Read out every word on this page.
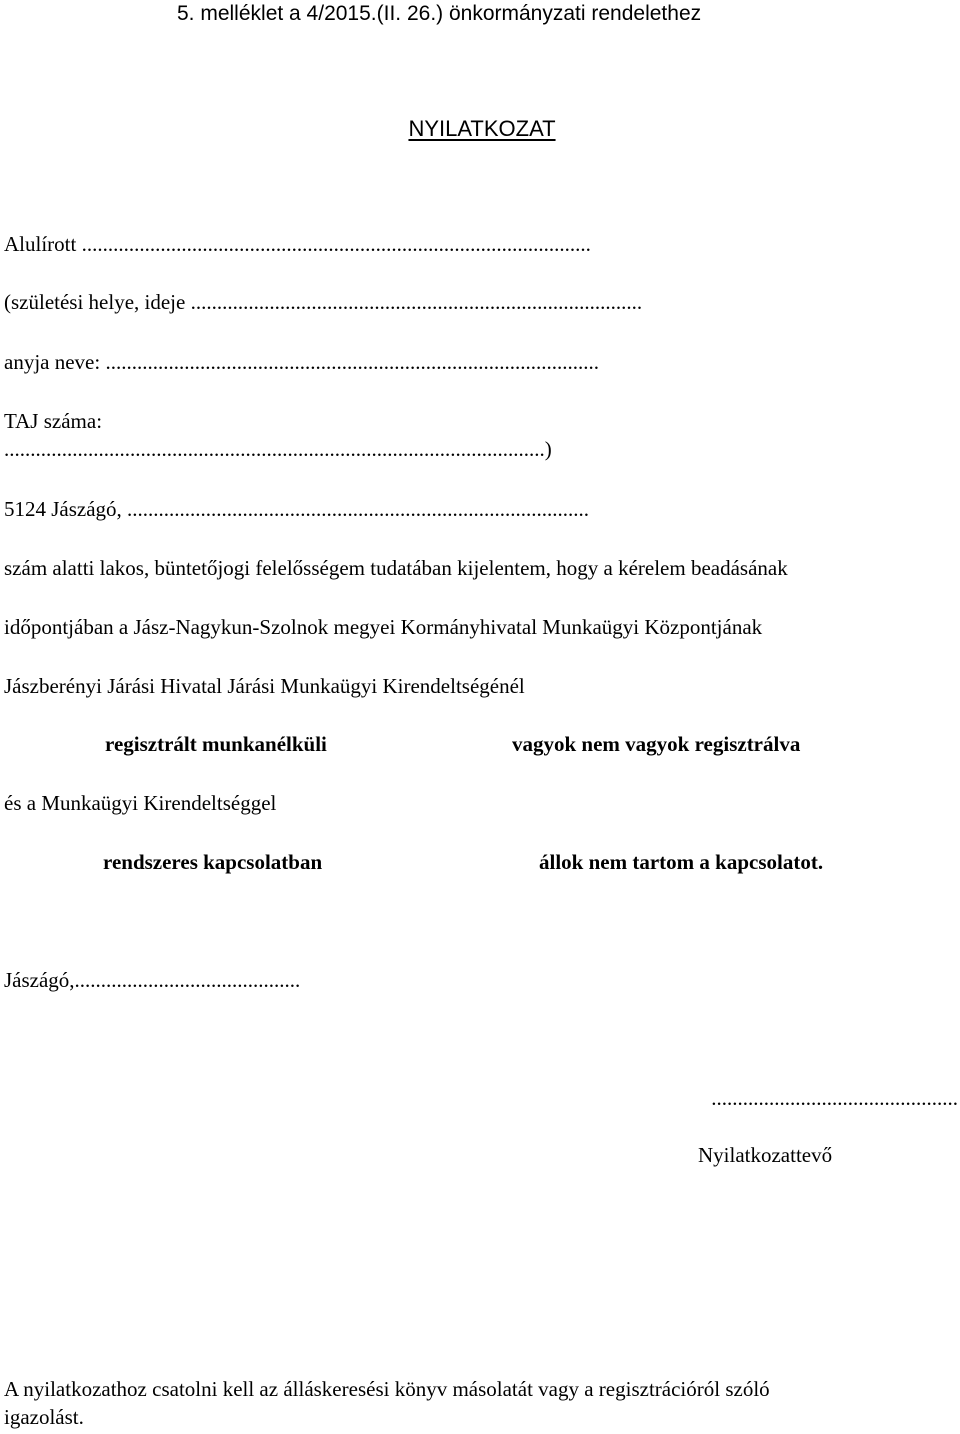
5. melléklet a 4/2015.(II. 26.) önkormányzati rendelethez
NYILATKOZAT
Alulírott .................................................................................................
(születési helye, ideje ......................................................................................
anyja neve: ..............................................................................................
TAJ száma:
.......................................................................................................)
5124 Jászágó, ........................................................................................
szám alatti lakos, büntetőjogi felelősségem tudatában kijelentem, hogy a kérelem beadásának
időpontjában a Jász-Nagykun-Szolnok megyei Kormányhivatal Munkaügyi Központjának
Jászberényi Járási Hivatal Járási Munkaügyi Kirendeltségénél
regisztrált munkanélküli	vagyok nem vagyok regisztrálva
és a Munkaügyi Kirendeltséggel
rendszeres kapcsolatban	állok nem tartom a kapcsolatot.
Jászágó,...........................................
...............................................
Nyilatkozattevő
A nyilatkozathoz csatolni kell az álláskeresési könyv másolatát vagy a regisztrációról szóló
igazolást.
